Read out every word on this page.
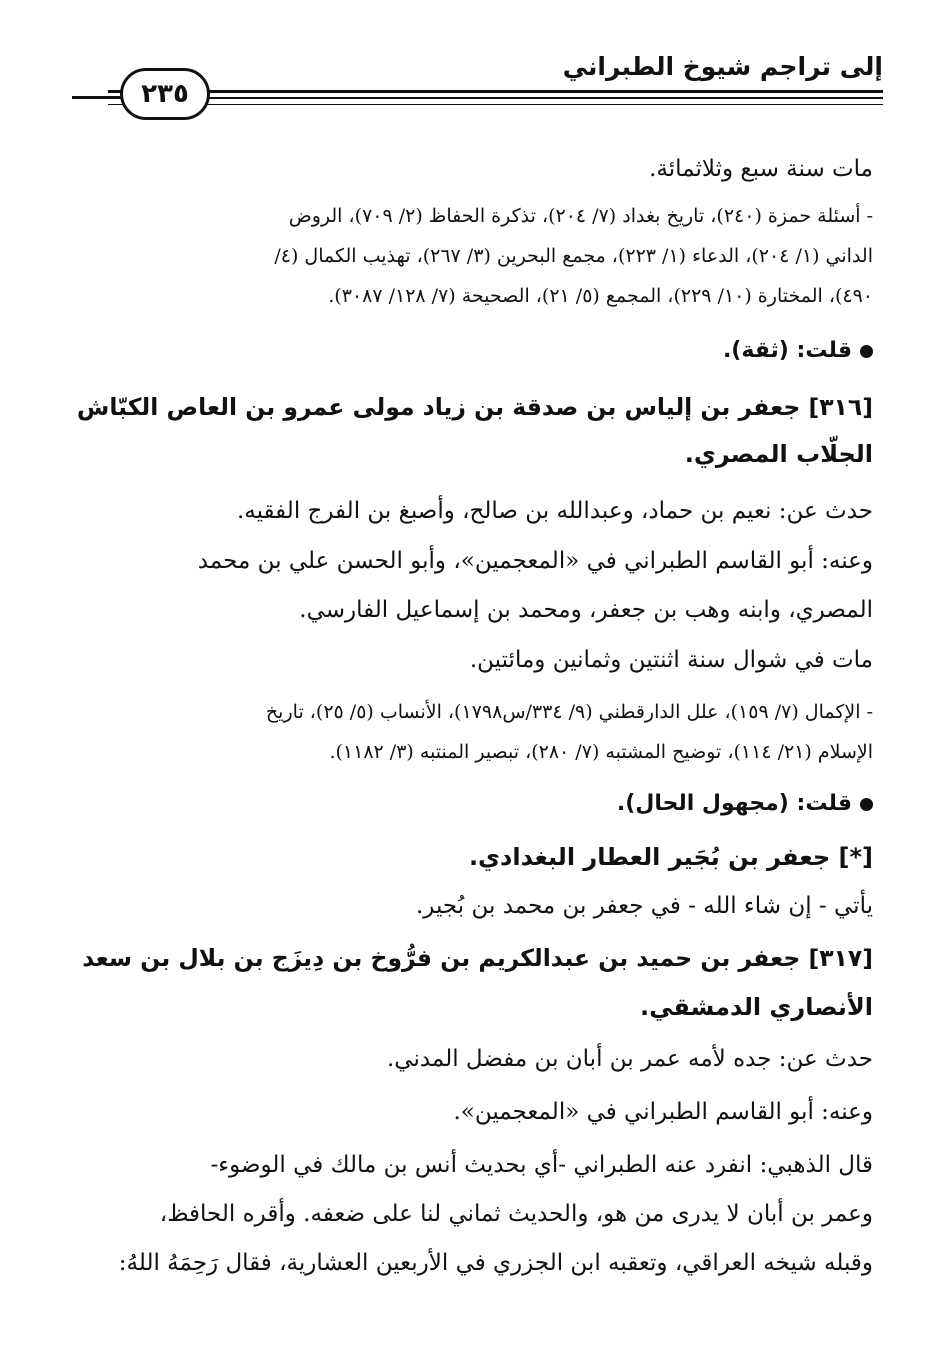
إلى تراجم شيوخ الطبراني
٢٣٥
مات سنة سبع وثلاثمائة.
- أسئلة حمزة (٢٤٠)، تاريخ بغداد (٧/ ٢٠٤)، تذكرة الحفاظ (٢/ ٧٠٩)، الروض
الداني (١/ ٢٠٤)، الدعاء (١/ ٢٢٣)، مجمع البحرين (٣/ ٢٦٧)، تهذيب الكمال (٤/
٤٩٠)، المختارة (١٠/ ٢٢٩)، المجمع (٥/ ٢١)، الصحيحة (٧/ ١٢٨/ ٣٠٨٧).
قلت: (ثقة).
[٣١٦] جعفر بن إلياس بن صدقة بن زياد مولى عمرو بن العاص الكبّاش
الجلّاب المصري.
حدث عن: نعيم بن حماد، وعبدالله بن صالح، وأصبغ بن الفرج الفقيه.
وعنه: أبو القاسم الطبراني في «المعجمين»، وأبو الحسن علي بن محمد
المصري، وابنه وهب بن جعفر، ومحمد بن إسماعيل الفارسي.
مات في شوال سنة اثنتين وثمانين ومائتين.
- الإكمال (٧/ ١٥٩)، علل الدارقطني (٩/ ٣٣٤/س١٧٩٨)، الأنساب (٥/ ٢٥)، تاريخ
الإسلام (٢١/ ١١٤)، توضيح المشتبه (٧/ ٢٨٠)، تبصير المنتبه (٣/ ١١٨٢).
قلت: (مجهول الحال).
[*] جعفر بن بُجَير العطار البغدادي.
يأتي - إن شاء الله - في جعفر بن محمد بن بُجير.
[٣١٧] جعفر بن حميد بن عبدالكريم بن فرُّوخ بن دِيزَج بن بلال بن سعد
الأنصاري الدمشقي.
حدث عن: جده لأمه عمر بن أبان بن مفضل المدني.
وعنه: أبو القاسم الطبراني في «المعجمين».
قال الذهبي: انفرد عنه الطبراني -أي بحديث أنس بن مالك في الوضوء-
وعمر بن أبان لا يدرى من هو، والحديث ثماني لنا على ضعفه. وأقره الحافظ،
وقبله شيخه العراقي، وتعقبه ابن الجزري في الأربعين العشارية، فقال رَحِمَهُ اللهُ:
